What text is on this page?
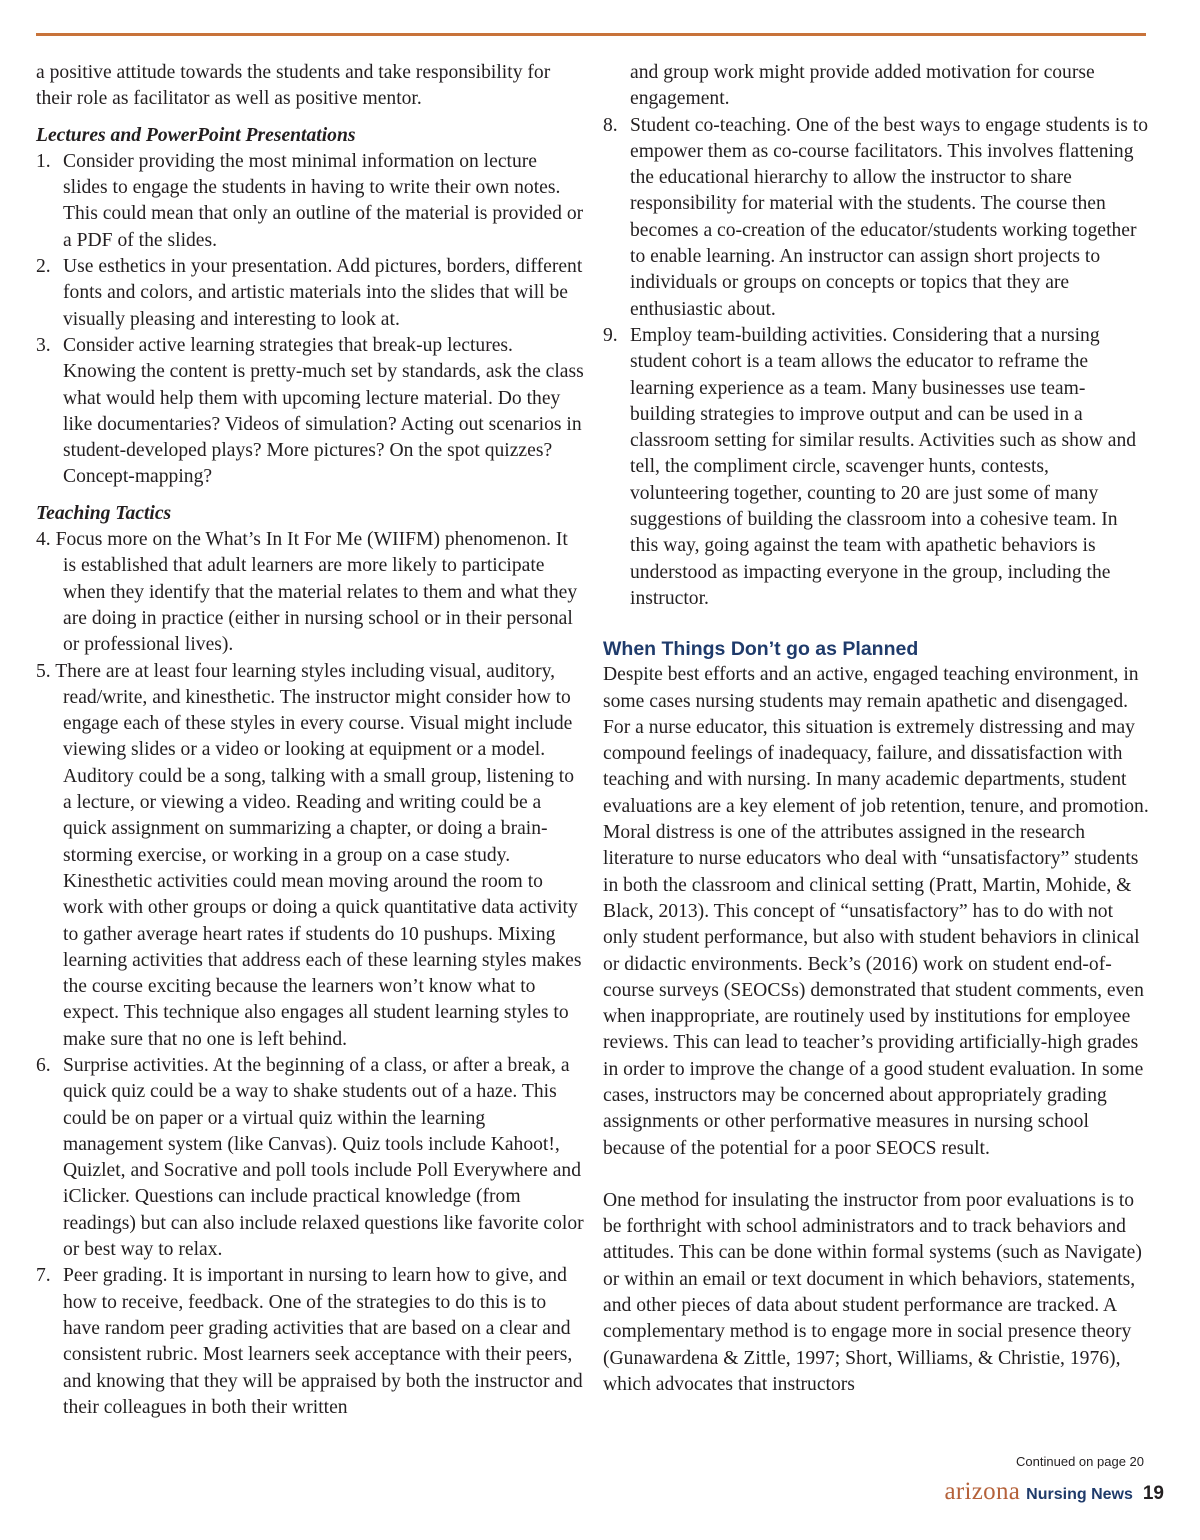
a positive attitude towards the students and take responsibility for their role as facilitator as well as positive mentor.

Lectures and PowerPoint Presentations
1. Consider providing the most minimal information on lecture slides to engage the students in having to write their own notes. This could mean that only an outline of the material is provided or a PDF of the slides.
2. Use esthetics in your presentation. Add pictures, borders, different fonts and colors, and artistic materials into the slides that will be visually pleasing and interesting to look at.
3. Consider active learning strategies that break-up lectures. Knowing the content is pretty-much set by standards, ask the class what would help them with upcoming lecture material. Do they like documentaries? Videos of simulation? Acting out scenarios in student-developed plays? More pictures? On the spot quizzes? Concept-mapping?
Teaching Tactics
4. Focus more on the What’s In It For Me (WIIFM) phenomenon. It is established that adult learners are more likely to participate when they identify that the material relates to them and what they are doing in practice (either in nursing school or in their personal or professional lives).
5. There are at least four learning styles including visual, auditory, read/write, and kinesthetic. The instructor might consider how to engage each of these styles in every course. Visual might include viewing slides or a video or looking at equipment or a model. Auditory could be a song, talking with a small group, listening to a lecture, or viewing a video. Reading and writing could be a quick assignment on summarizing a chapter, or doing a brain-storming exercise, or working in a group on a case study. Kinesthetic activities could mean moving around the room to work with other groups or doing a quick quantitative data activity to gather average heart rates if students do 10 pushups. Mixing learning activities that address each of these learning styles makes the course exciting because the learners won’t know what to expect. This technique also engages all student learning styles to make sure that no one is left behind.
6. Surprise activities. At the beginning of a class, or after a break, a quick quiz could be a way to shake students out of a haze. This could be on paper or a virtual quiz within the learning management system (like Canvas). Quiz tools include Kahoot!, Quizlet, and Socrative and poll tools include Poll Everywhere and iClicker. Questions can include practical knowledge (from readings) but can also include relaxed questions like favorite color or best way to relax.
7. Peer grading. It is important in nursing to learn how to give, and how to receive, feedback. One of the strategies to do this is to have random peer grading activities that are based on a clear and consistent rubric. Most learners seek acceptance with their peers, and knowing that they will be appraised by both the instructor and their colleagues in both their written

and group work might provide added motivation for course engagement.

8. Student co-teaching. One of the best ways to engage students is to empower them as co-course facilitators. This involves flattening the educational hierarchy to allow the instructor to share responsibility for material with the students. The course then becomes a co-creation of the educator/students working together to enable learning. An instructor can assign short projects to individuals or groups on concepts or topics that they are enthusiastic about.
9. Employ team-building activities. Considering that a nursing student cohort is a team allows the educator to reframe the learning experience as a team. Many businesses use team-building strategies to improve output and can be used in a classroom setting for similar results. Activities such as show and tell, the compliment circle, scavenger hunts, contests, volunteering together, counting to 20 are just some of many suggestions of building the classroom into a cohesive team. In this way, going against the team with apathetic behaviors is understood as impacting everyone in the group, including the instructor.
When Things Don’t go as Planned

Despite best efforts and an active, engaged teaching environment, in some cases nursing students may remain apathetic and disengaged. For a nurse educator, this situation is extremely distressing and may compound feelings of inadequacy, failure, and dissatisfaction with teaching and with nursing. In many academic departments, student evaluations are a key element of job retention, tenure, and promotion. Moral distress is one of the attributes assigned in the research literature to nurse educators who deal with “unsatisfactory” students in both the classroom and clinical setting (Pratt, Martin, Mohide, & Black, 2013). This concept of “unsatisfactory” has to do with not only student performance, but also with student behaviors in clinical or didactic environments. Beck’s (2016) work on student end-of-course surveys (SEOCSs) demonstrated that student comments, even when inappropriate, are routinely used by institutions for employee reviews. This can lead to teacher’s providing artificially-high grades in order to improve the change of a good student evaluation. In some cases, instructors may be concerned about appropriately grading assignments or other performative measures in nursing school because of the potential for a poor SEOCS result.

One method for insulating the instructor from poor evaluations is to be forthright with school administrators and to track behaviors and attitudes. This can be done within formal systems (such as Navigate) or within an email or text document in which behaviors, statements, and other pieces of data about student performance are tracked. A complementary method is to engage more in social presence theory (Gunawardena & Zittle, 1997; Short, Williams, & Christie, 1976), which advocates that instructors

Continued on page 20
arizona Nursing News 19
